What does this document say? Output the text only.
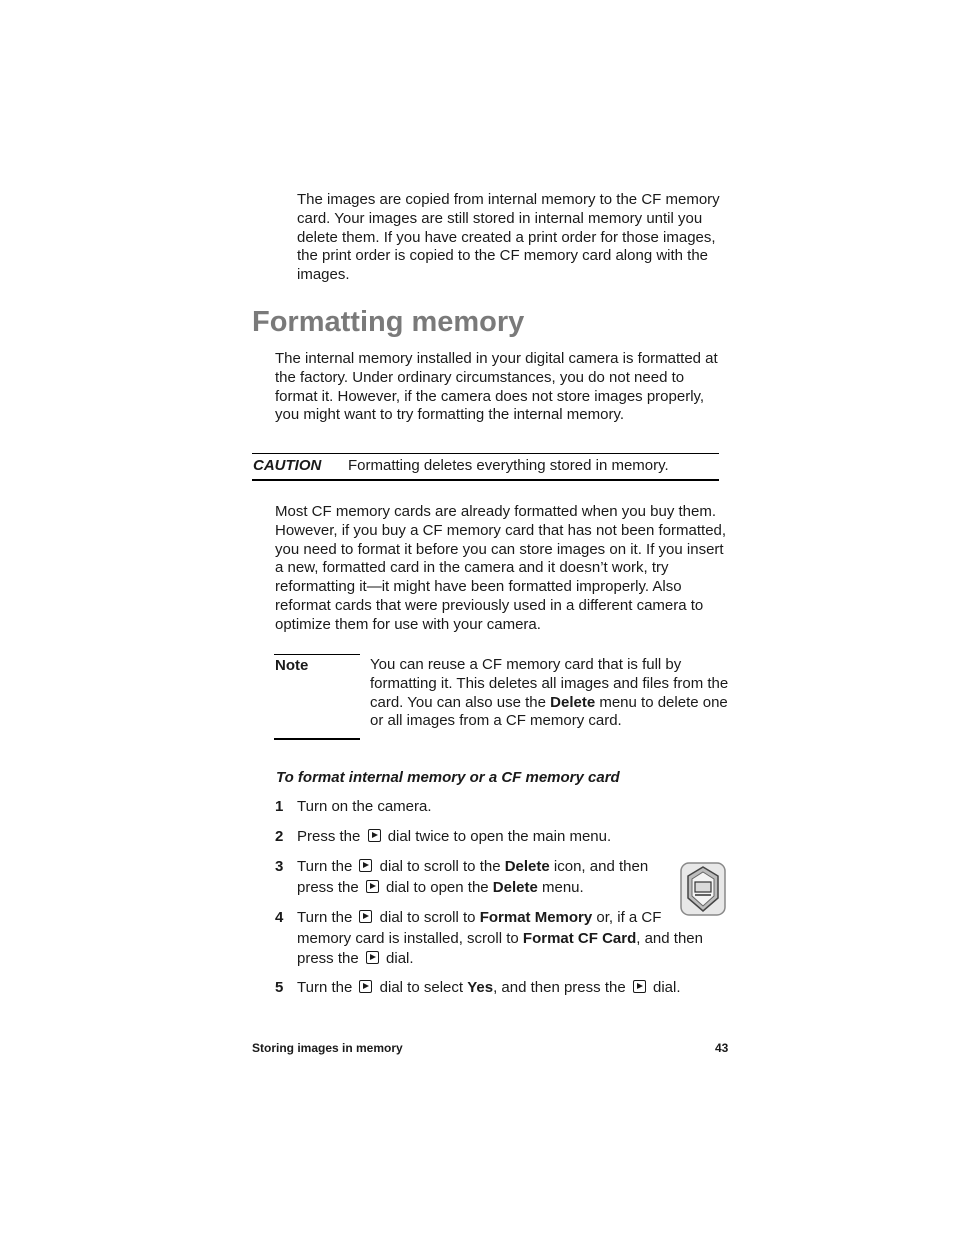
The images are copied from internal memory to the CF memory card. Your images are still stored in internal memory until you delete them. If you have created a print order for those images, the print order is copied to the CF memory card along with the images.

Formatting memory

The internal memory installed in your digital camera is formatted at the factory. Under ordinary circumstances, you do not need to format it. However, if the camera does not store images properly, you might want to try formatting the internal memory.

CAUTION Formatting deletes everything stored in memory.

Most CF memory cards are already formatted when you buy them. However, if you buy a CF memory card that has not been formatted, you need to format it before you can store images on it. If you insert a new, formatted card in the camera and it doesn’t work, try reformatting it—it might have been formatted improperly. Also reformat cards that were previously used in a different camera to optimize them for use with your camera.

Note	You can reuse a CF memory card that is full by formatting it. This deletes all images and files from the card. You can also use the Delete menu to delete one or all images from a CF memory card.

To format internal memory or a CF memory card
1 Turn on the camera.
2 Press the  dial twice to open the main menu.
3 Turn the  dial to scroll to the Delete icon, and then press the  dial to open the Delete menu.
4 Turn the  dial to scroll to Format Memory or, if a CF memory card is installed, scroll to Format CF Card, and then press the  dial.
5 Turn the  dial to select Yes, and then press the  dial.
Storing images in memory	43
